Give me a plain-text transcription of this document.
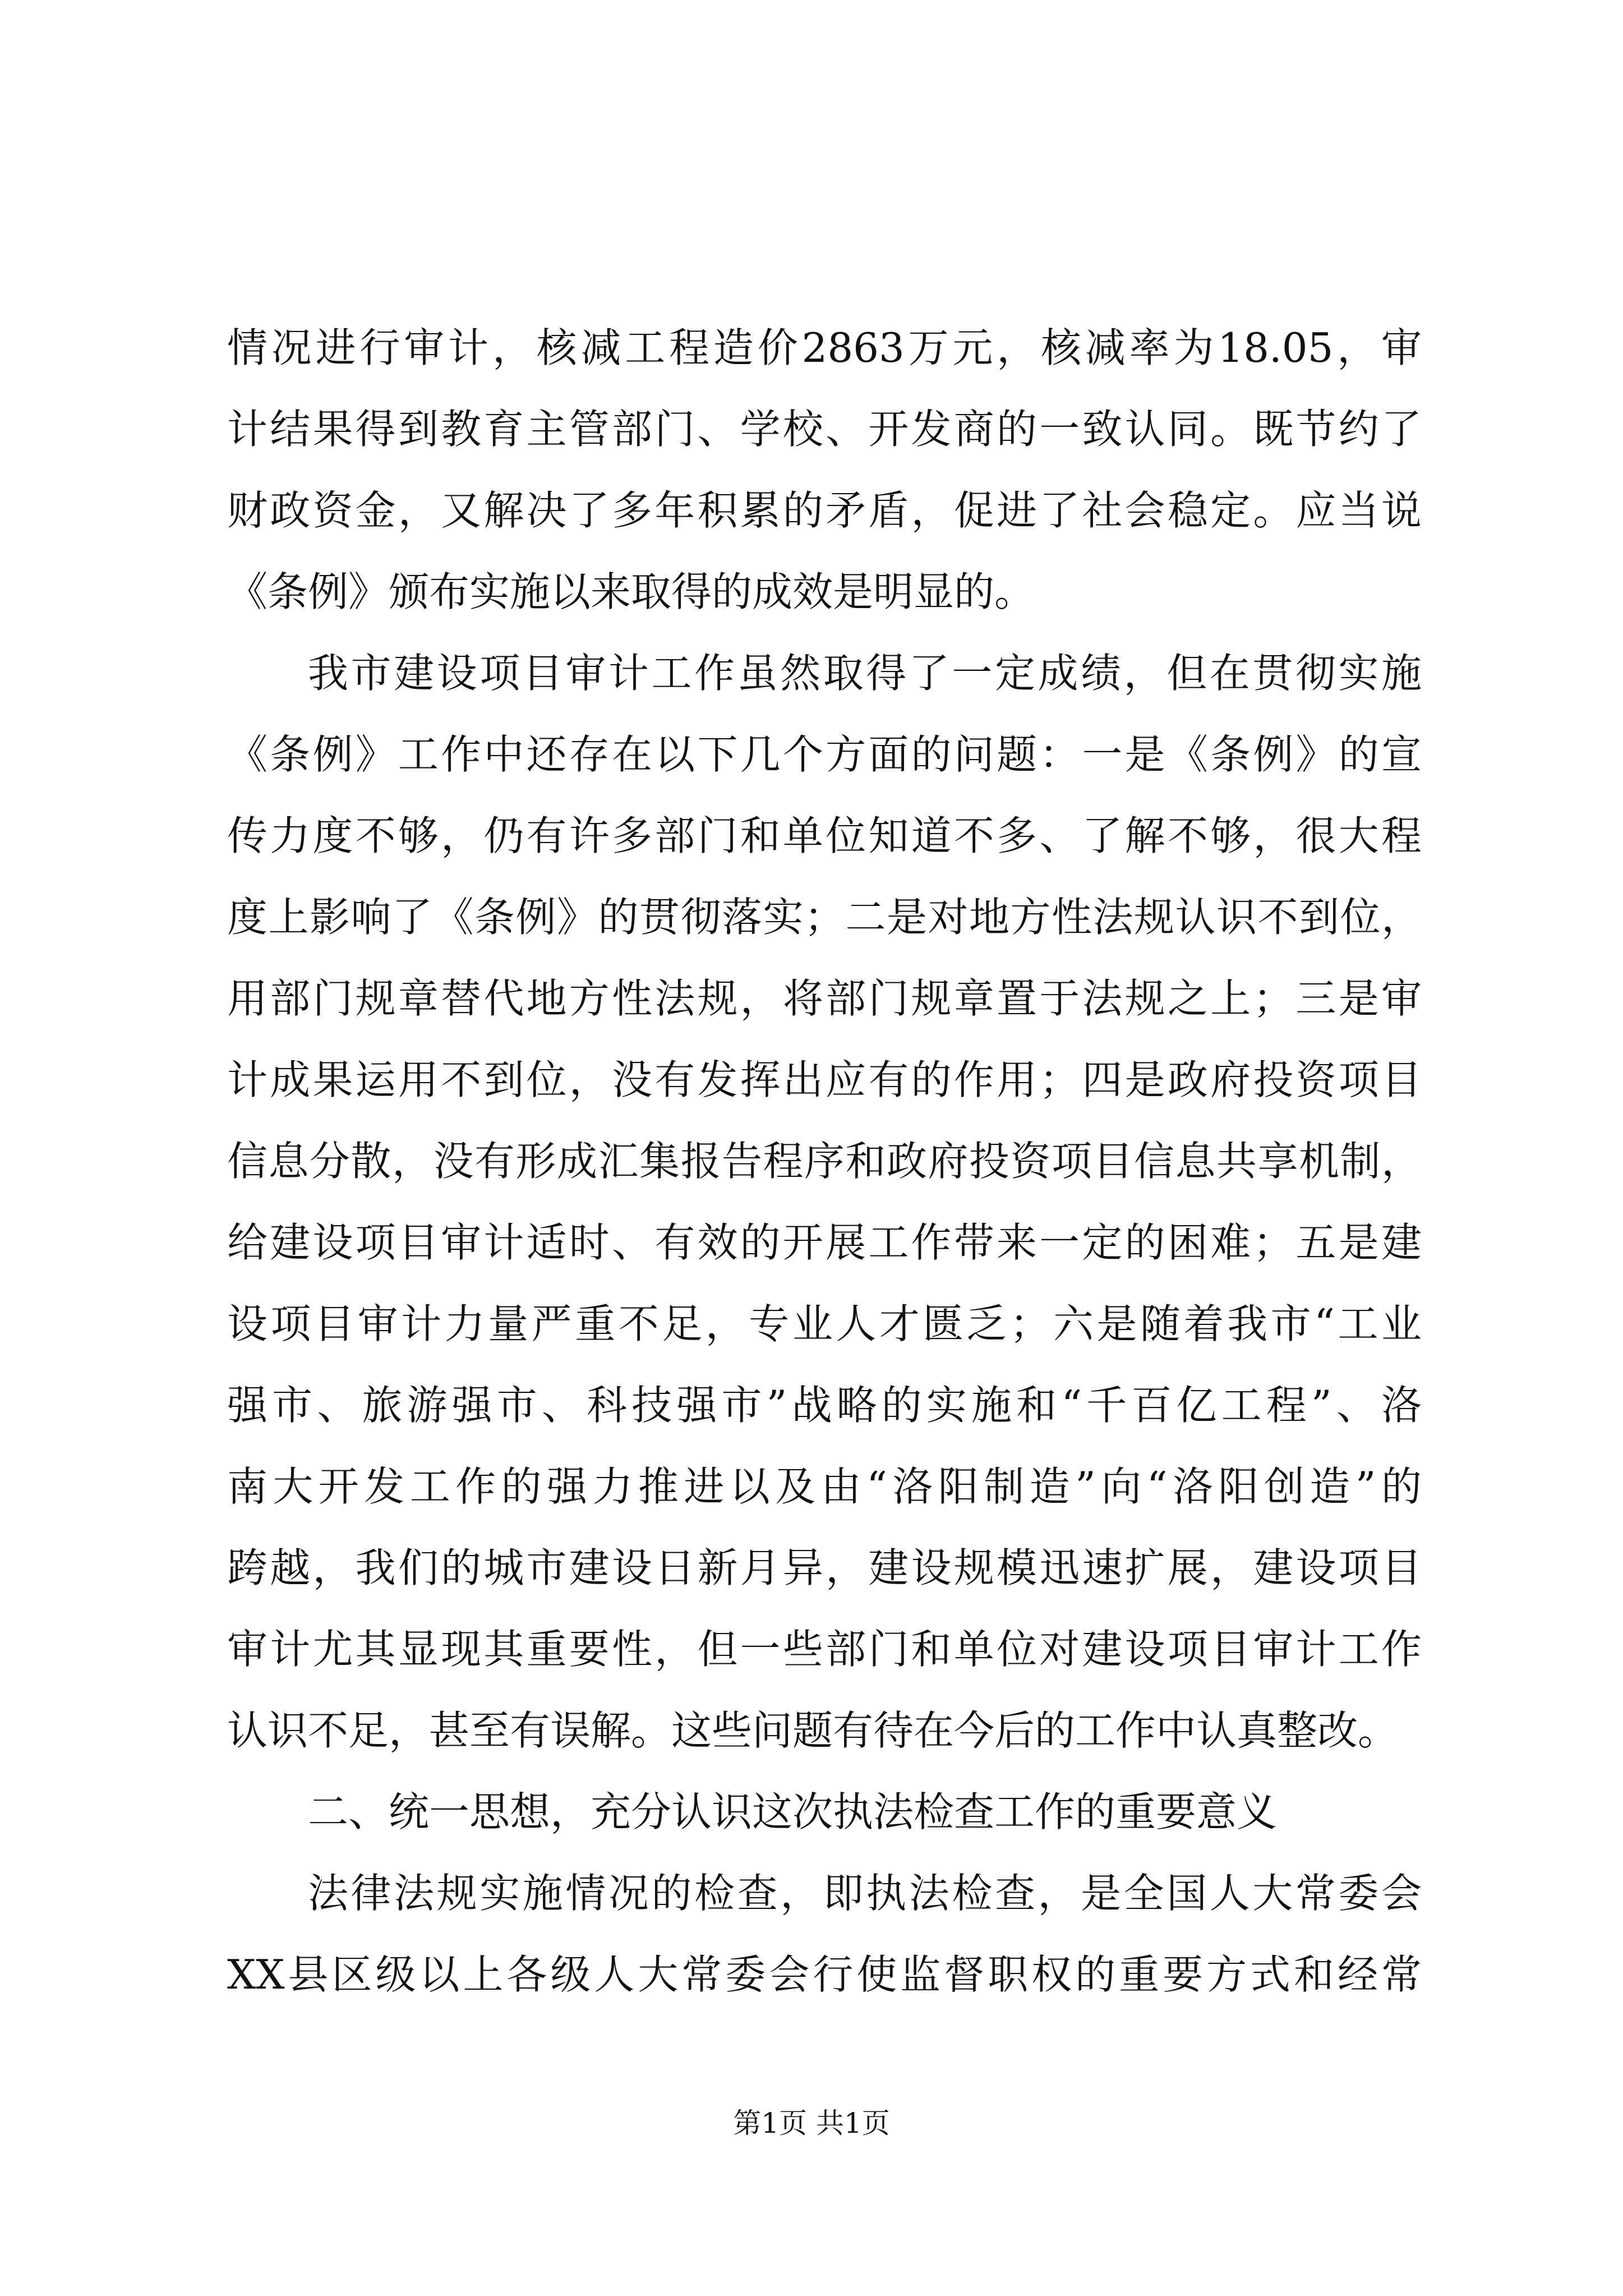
情况进行审计，核减工程造价2863万元，核减率为18.05，审
计结果得到教育主管部门、学校、开发商的一致认同。既节约了
财政资金，又解决了多年积累的矛盾，促进了社会稳定。应当说
《条例》颁布实施以来取得的成效是明显的。
我市建设项目审计工作虽然取得了一定成绩，但在贯彻实施
《条例》工作中还存在以下几个方面的问题：一是《条例》的宣
传力度不够，仍有许多部门和单位知道不多、了解不够，很大程
度上影响了《条例》的贯彻落实；二是对地方性法规认识不到位，
用部门规章替代地方性法规，将部门规章置于法规之上；三是审
计成果运用不到位，没有发挥出应有的作用；四是政府投资项目
信息分散，没有形成汇集报告程序和政府投资项目信息共享机制，
给建设项目审计适时、有效的开展工作带来一定的困难；五是建
设项目审计力量严重不足，专业人才匮乏；六是随着我市“工业
强市、旅游强市、科技强市”战略的实施和“千百亿工程”、洛
南大开发工作的强力推进以及由“洛阳制造”向“洛阳创造”的
跨越，我们的城市建设日新月异，建设规模迅速扩展，建设项目
审计尤其显现其重要性，但一些部门和单位对建设项目审计工作
认识不足，甚至有误解。这些问题有待在今后的工作中认真整改。
二、统一思想，充分认识这次执法检查工作的重要意义
法律法规实施情况的检查，即执法检查，是全国人大常委会
XX县区级以上各级人大常委会行使监督职权的重要方式和经常
第1页 共1页
